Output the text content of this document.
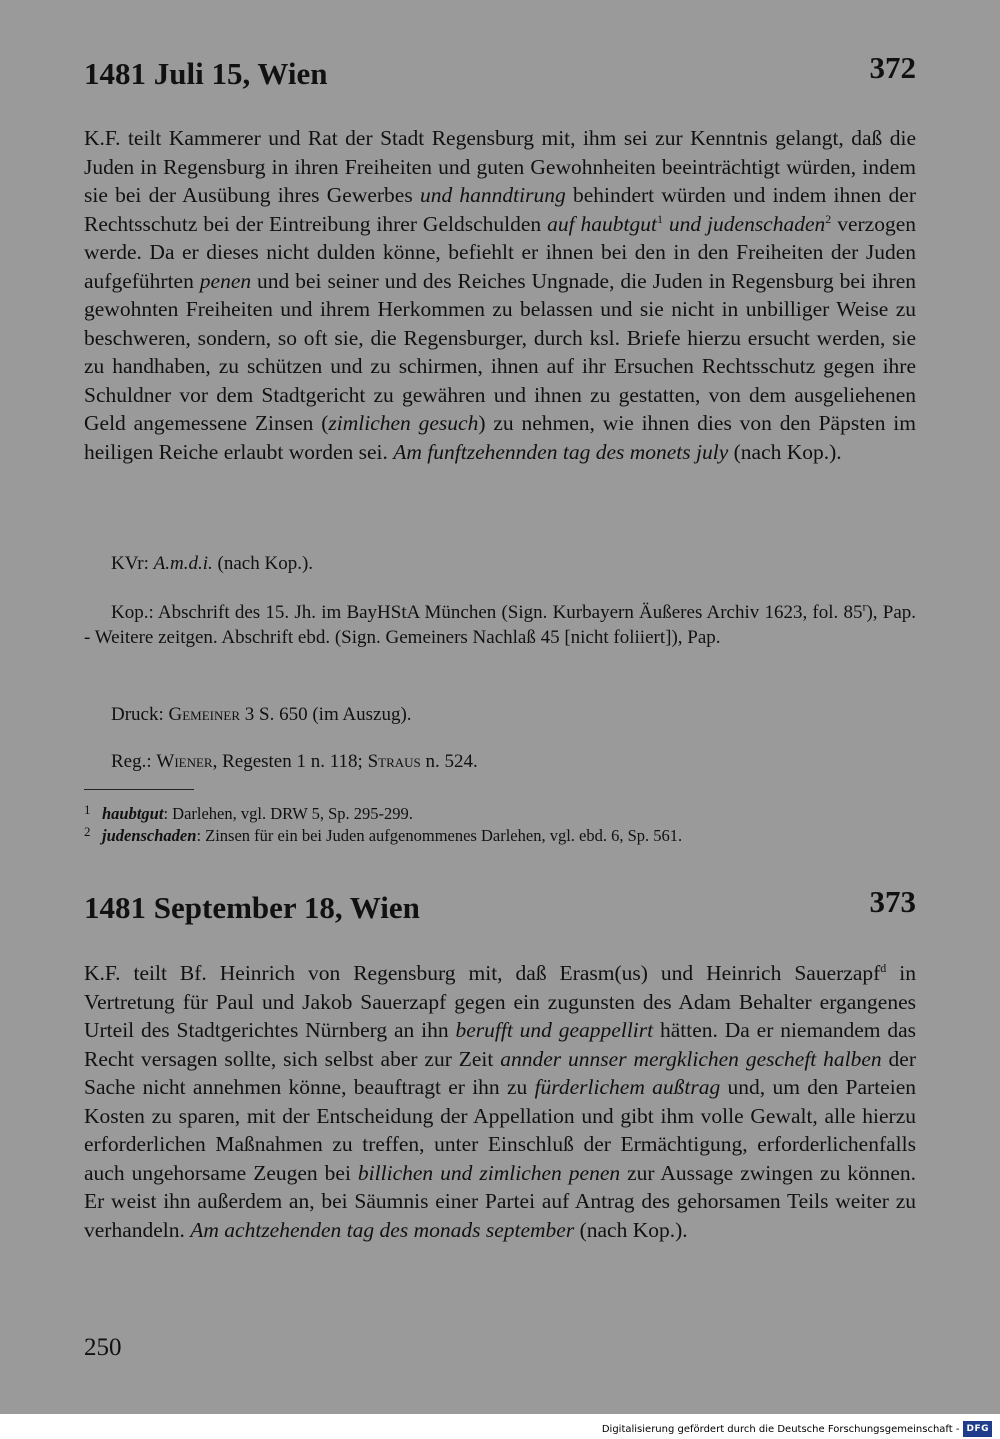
1481 Juli 15, Wien	372

K.F. teilt Kammerer und Rat der Stadt Regensburg mit, ihm sei zur Kenntnis gelangt, daß die Juden in Regensburg in ihren Freiheiten und guten Gewohnheiten beeinträchtigt würden, indem sie bei der Ausübung ihres Gewerbes und hanndtirung behindert würden und indem ihnen der Rechtsschutz bei der Eintreibung ihrer Geldschulden auf haubtgut$^1$ und judenschaden$^2$ verzogen werde. Da er dieses nicht dulden könne, befiehlt er ihnen bei den in den Freiheiten der Juden aufgeführten penen und bei seiner und des Reiches Ungnade, die Juden in Regensburg bei ihren gewohnten Freiheiten und ihrem Herkommen zu belassen und sie nicht in unbilliger Weise zu beschweren, sondern, so oft sie, die Regensburger, durch ksl. Briefe hierzu ersucht werden, sie zu handhaben, zu schützen und zu schirmen, ihnen auf ihr Ersuchen Rechtsschutz gegen ihre Schuldner vor dem Stadtgericht zu gewähren und ihnen zu gestatten, von dem ausgeliehenen Geld angemessene Zinsen (zimlichen gesuch) zu nehmen, wie ihnen dies von den Päpsten im heiligen Reiche erlaubt worden sei. Am funftzehennden tag des monets july (nach Kop.).

KVr: A.m.d.i. (nach Kop.).

Kop.: Abschrift des 15. Jh. im BayHStA München (Sign. Kurbayern Äußeres Archiv 1623, fol. 85$^r$), Pap. - Weitere zeitgen. Abschrift ebd. (Sign. Gemeiners Nachlaß 45 [nicht foliiert]), Pap.

Druck: Gemeiner 3 S. 650 (im Auszug).

Reg.: Wiener, Regesten 1 n. 118; Straus n. 524.

1 haubtgut: Darlehen, vgl. DRW 5, Sp. 295-299.
2 judenschaden: Zinsen für ein bei Juden aufgenommenes Darlehen, vgl. ebd. 6, Sp. 561.
1481 September 18, Wien	373

K.F. teilt Bf. Heinrich von Regensburg mit, daß Erasm(us) und Heinrich Sauerzapf$^d$ in Vertretung für Paul und Jakob Sauerzapf gegen ein zugunsten des Adam Behalter ergangenes Urteil des Stadtgerichtes Nürnberg an ihn berufft und geappellirt hätten. Da er niemandem das Recht versagen sollte, sich selbst aber zur Zeit annder unnser mergklichen gescheft halben der Sache nicht annehmen könne, beauftragt er ihn zu fürderlichem außtrag und, um den Parteien Kosten zu sparen, mit der Entscheidung der Appellation und gibt ihm volle Gewalt, alle hierzu erforderlichen Maßnahmen zu treffen, unter Einschluß der Ermächtigung, erforderlichenfalls auch ungehorsame Zeugen bei billichen und zimlichen penen zur Aussage zwingen zu können. Er weist ihn außerdem an, bei Säumnis einer Partei auf Antrag des gehorsamen Teils weiter zu verhandeln. Am achtzehenden tag des monads september (nach Kop.).

250
Digitalisierung gefördert durch die Deutsche Forschungsgemeinschaft - DFG
